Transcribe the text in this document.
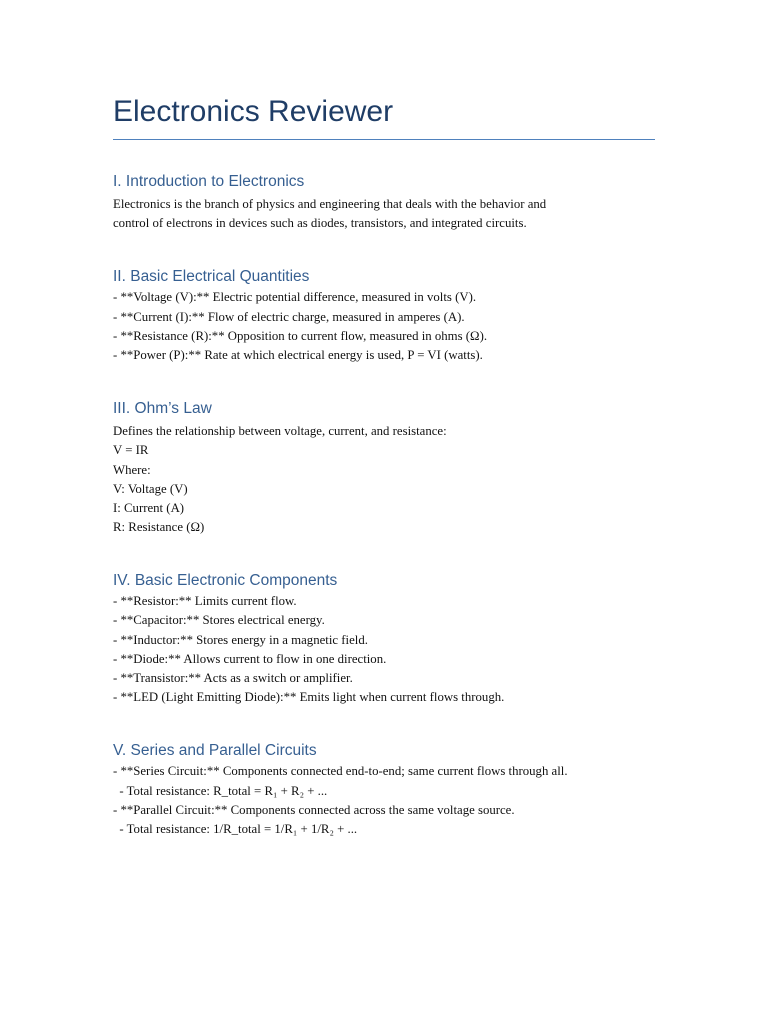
Electronics Reviewer
I. Introduction to Electronics

Electronics is the branch of physics and engineering that deals with the behavior and

control of electrons in devices such as diodes, transistors, and integrated circuits.

II. Basic Electrical Quantities

- **Voltage (V):** Electric potential difference, measured in volts (V).

- **Current (I):** Flow of electric charge, measured in amperes (A).

- **Resistance (R):** Opposition to current flow, measured in ohms (Ω).

- **Power (P):** Rate at which electrical energy is used, P = VI (watts).

III. Ohm’s Law

Defines the relationship between voltage, current, and resistance:

V = IR

Where:

V: Voltage (V)

I: Current (A)

R: Resistance (Ω)

IV. Basic Electronic Components

- **Resistor:** Limits current flow.

- **Capacitor:** Stores electrical energy.

- **Inductor:** Stores energy in a magnetic field.

- **Diode:** Allows current to flow in one direction.

- **Transistor:** Acts as a switch or amplifier.

- **LED (Light Emitting Diode):** Emits light when current flows through.

V. Series and Parallel Circuits

- **Series Circuit:** Components connected end-to-end; same current flows through all.

- Total resistance: R_total = R₁ + R₂ + ...

- **Parallel Circuit:** Components connected across the same voltage source.

- Total resistance: 1/R_total = 1/R₁ + 1/R₂ + ...
